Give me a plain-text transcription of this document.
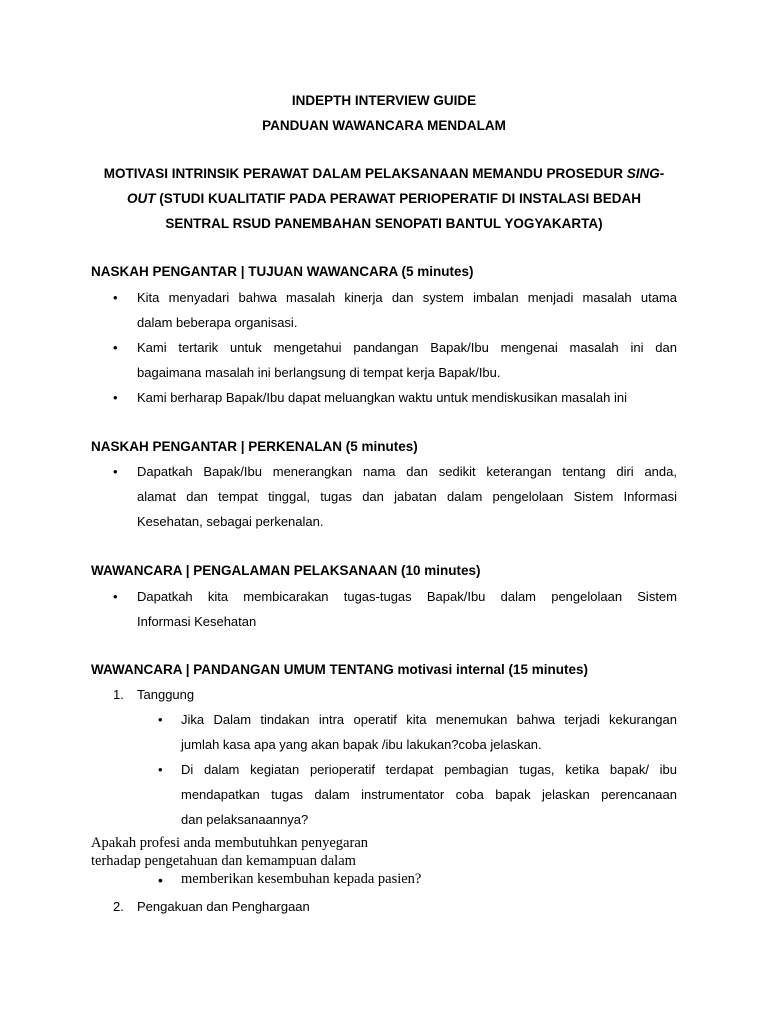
INDEPTH INTERVIEW GUIDE

PANDUAN WAWANCARA MENDALAM

MOTIVASI INTRINSIK PERAWAT DALAM PELAKSANAAN MEMANDU PROSEDUR SING-

OUT (STUDI KUALITATIF PADA PERAWAT PERIOPERATIF DI INSTALASI BEDAH

SENTRAL RSUD PANEMBAHAN SENOPATI BANTUL YOGYAKARTA)

NASKAH PENGANTAR | TUJUAN WAWANCARA (5 minutes)

• Kita menyadari bahwa masalah kinerja dan system imbalan menjadi masalah utama

dalam beberapa organisasi.

• Kami tertarik untuk mengetahui pandangan Bapak/Ibu mengenai masalah ini dan

bagaimana masalah ini berlangsung di tempat kerja Bapak/Ibu.

• Kami berharap Bapak/Ibu dapat meluangkan waktu untuk mendiskusikan masalah ini

NASKAH PENGANTAR | PERKENALAN (5 minutes)

• Dapatkah Bapak/Ibu menerangkan nama dan sedikit keterangan tentang diri anda,

alamat dan tempat tinggal, tugas dan jabatan dalam pengelolaan Sistem Informasi

Kesehatan, sebagai perkenalan.

WAWANCARA | PENGALAMAN PELAKSANAAN (10 minutes)

• Dapatkah kita membicarakan tugas-tugas Bapak/Ibu dalam pengelolaan Sistem

Informasi Kesehatan

WAWANCARA | PANDANGAN UMUM TENTANG motivasi internal (15 minutes)

1. Tanggung

• Jika Dalam tindakan intra operatif kita menemukan bahwa terjadi kekurangan

jumlah kasa apa yang akan bapak /ibu lakukan?coba jelaskan.

• Di dalam kegiatan perioperatif terdapat pembagian tugas, ketika bapak/ ibu

mendapatkan tugas dalam instrumentator coba bapak jelaskan perencanaan

dan pelaksanaannya?

Apakah profesi anda membutuhkan penyegaran

terhadap pengetahuan dan kemampuan dalam

• memberikan kesembuhan kepada pasien?

2. Pengakuan dan Penghargaan
